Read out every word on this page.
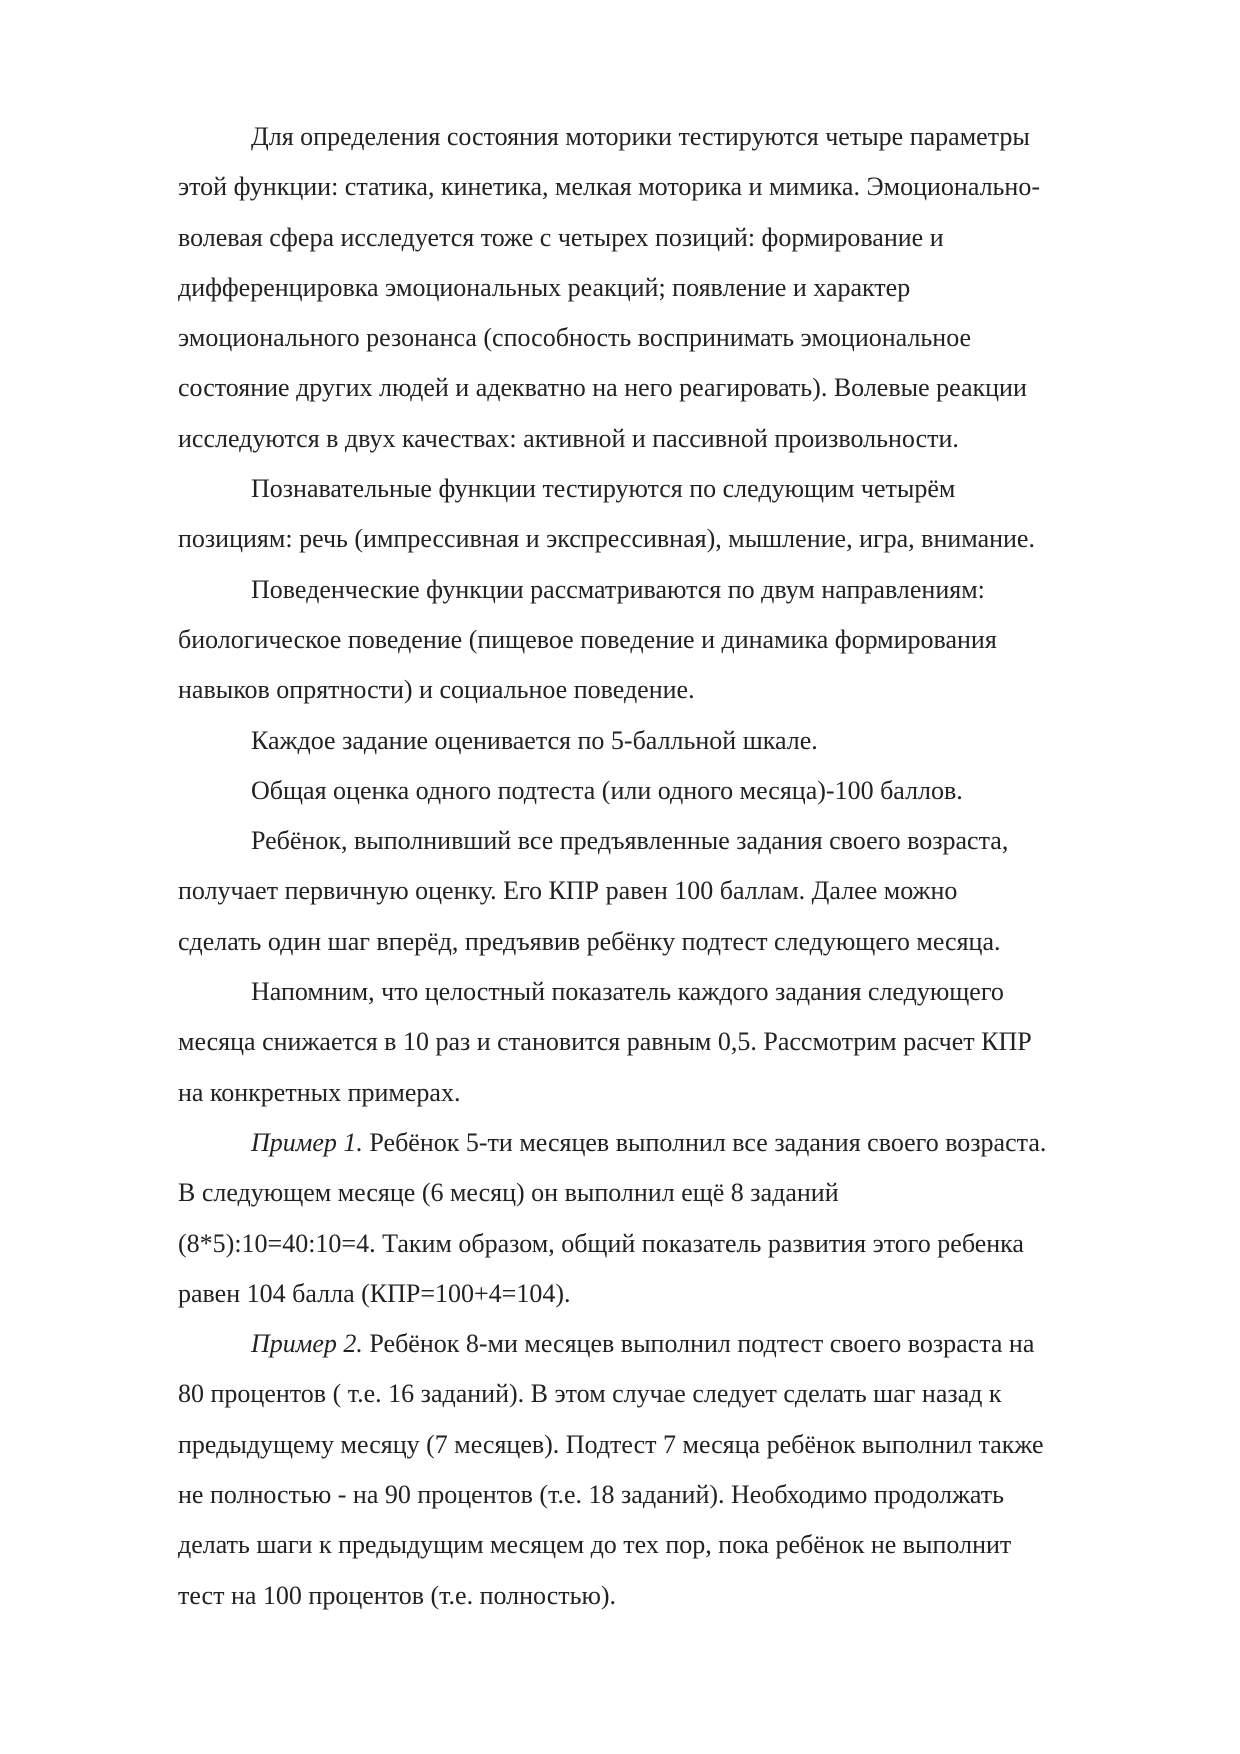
Для определения состояния моторики тестируются четыре параметры
этой функции: статика, кинетика, мелкая моторика и мимика. Эмоционально-
волевая сфера исследуется тоже с четырех позиций: формирование и
дифференцировка эмоциональных реакций; появление и характер
эмоционального резонанса (способность воспринимать эмоциональное
состояние других людей и адекватно на него реагировать). Волевые реакции
исследуются в двух качествах: активной и пассивной произвольности.
Познавательные функции тестируются по следующим четырём
позициям: речь (импрессивная и экспрессивная), мышление, игра, внимание.
Поведенческие функции рассматриваются по двум направлениям:
биологическое поведение (пищевое поведение и динамика формирования
навыков опрятности) и социальное поведение.
Каждое задание оценивается по 5-балльной шкале.
Общая оценка одного подтеста (или одного месяца)-100 баллов.
Ребёнок, выполнивший все предъявленные задания своего возраста,
получает первичную оценку. Его КПР равен 100 баллам. Далее можно
сделать один шаг вперёд, предъявив ребёнку подтест следующего месяца.
Напомним, что целостный показатель каждого задания следующего
месяца снижается в 10 раз и становится равным 0,5. Рассмотрим расчет КПР
на конкретных примерах.
Пример 1. Ребёнок 5-ти месяцев выполнил все задания своего возраста.
В следующем месяце (6 месяц) он выполнил ещё 8 заданий
(8*5):10=40:10=4. Таким образом, общий показатель развития этого ребенка
равен 104 балла (КПР=100+4=104).
Пример 2. Ребёнок 8-ми месяцев выполнил подтест своего возраста на
80 процентов ( т.е. 16 заданий). В этом случае следует сделать шаг назад к
предыдущему месяцу (7 месяцев). Подтест 7 месяца ребёнок выполнил также
не полностью - на 90 процентов (т.е. 18 заданий). Необходимо продолжать
делать шаги к предыдущим месяцем до тех пор, пока ребёнок не выполнит
тест на 100 процентов (т.е. полностью).
